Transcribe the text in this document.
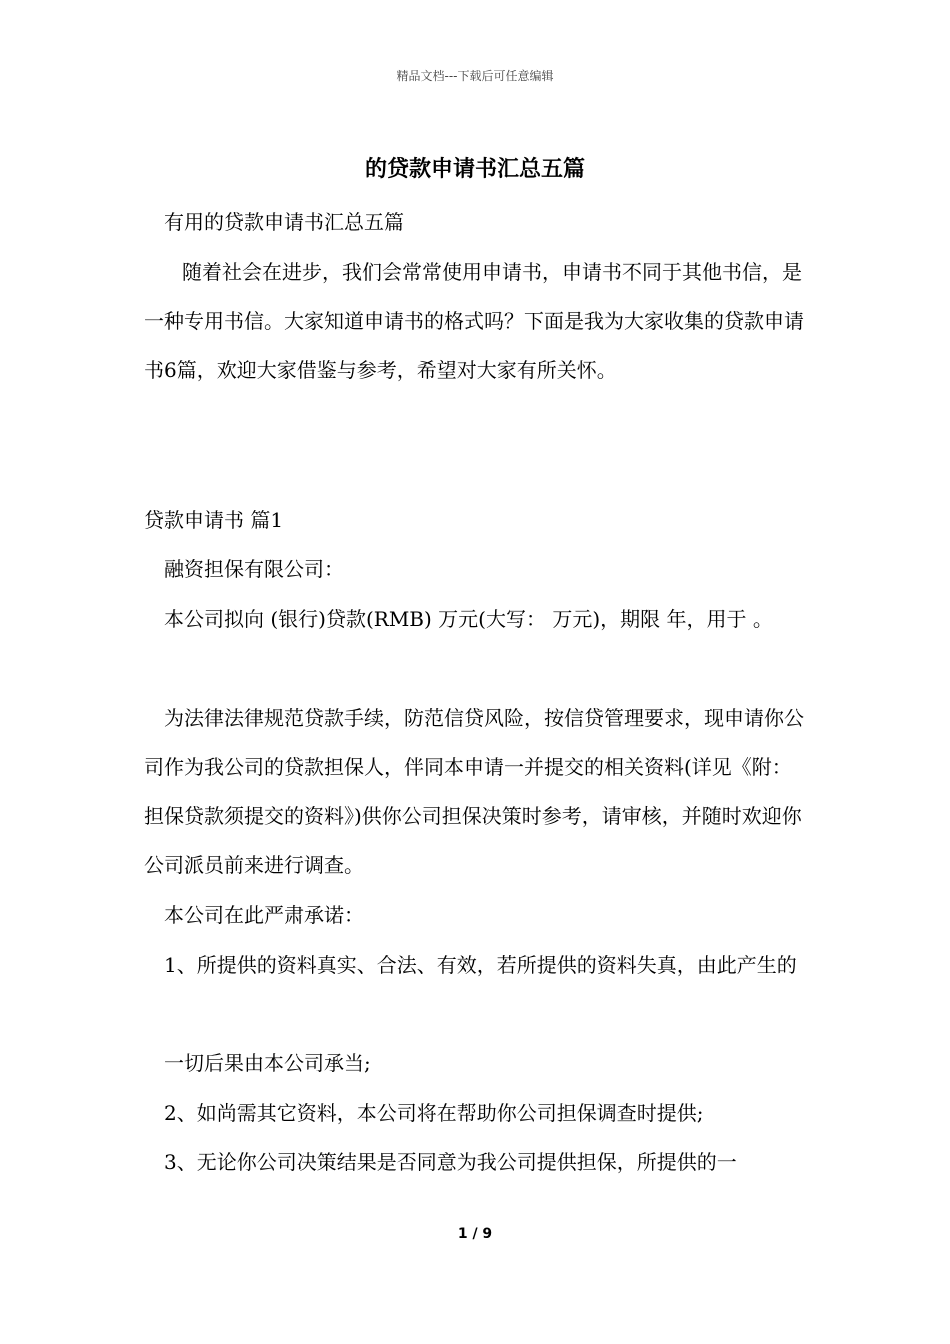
精品文档---下载后可任意编辑
的贷款申请书汇总五篇

有用的贷款申请书汇总五篇

随着社会在进步，我们会常常使用申请书，申请书不同于其他书信，是一种专用书信。大家知道申请书的格式吗？下面是我为大家收集的贷款申请书6篇，欢迎大家借鉴与参考，希望对大家有所关怀。

贷款申请书 篇1

融资担保有限公司：

本公司拟向 (银行)贷款(RMB) 万元(大写： 万元)，期限 年，用于 。

为法律法律规范贷款手续，防范信贷风险，按信贷管理要求，现申请你公司作为我公司的贷款担保人，伴同本申请一并提交的相关资料(详见《附：担保贷款须提交的资料》)供你公司担保决策时参考，请审核，并随时欢迎你公司派员前来进行调查。

本公司在此严肃承诺：

1、所提供的资料真实、合法、有效，若所提供的资料失真，由此产生的

一切后果由本公司承当;

2、如尚需其它资料，本公司将在帮助你公司担保调查时提供;

3、无论你公司决策结果是否同意为我公司提供担保，所提供的一

1 / 9
